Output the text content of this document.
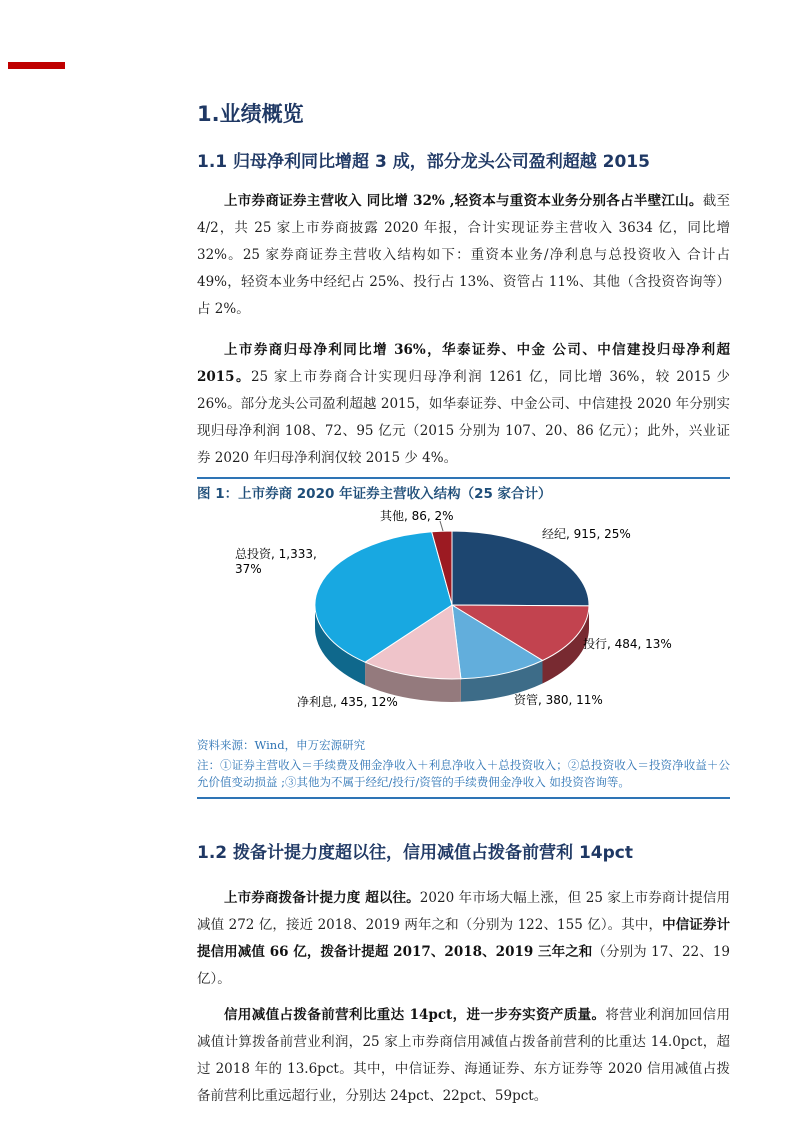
1.业绩概览
1.1 归母净利同比增超 3 成，部分龙头公司盈利超越 2015

上市券商证券主营收入 同比增 32% ,轻资本与重资本业务分别各占半壁江山。截至 4/2，共 25 家上市券商披露 2020 年报，合计实现证券主营收入 3634 亿，同比增 32%。25 家券商证券主营收入结构如下：重资本业务/净利息与总投资收入 合计占 49%，轻资本业务中经纪占 25%、投行占 13%、资管占 11%、其他（含投资咨询等）占 2%。

上市券商归母净利同比增 36%，华泰证券、中金 公司、中信建投归母净利超 2015。25 家上市券商合计实现归母净利润 1261 亿，同比增 36%，较 2015 少 26%。部分龙头公司盈利超越 2015，如华泰证券、中金公司、中信建投 2020 年分别实现归母净利润 108、72、95 亿元（2015 分别为 107、20、86 亿元）；此外，兴业证券 2020 年归母净利润仅较 2015 少 4%。

图 1：上市券商 2020 年证券主营收入结构（25 家合计）
经纪, 915, 25%
投行, 484, 13%
资管, 380, 11%
净利息, 435, 12%
总投资, 1,333, 37%
其他, 86, 2%
资料来源：Wind，申万宏源研究
注：①证券主营收入＝手续费及佣金净收入＋利息净收入＋总投资收入；②总投资收入＝投资净收益＋公允价值变动损益 ;③其他为不属于经纪/投行/资管的手续费佣金净收入 如投资咨询等。
1.2 拨备计提力度超以往，信用减值占拨备前营利 14pct

上市券商拨备计提力度 超以往。2020 年市场大幅上涨，但 25 家上市券商计提信用减值 272 亿，接近 2018、2019 两年之和（分别为 122、155 亿）。其中，中信证券计提信用减值 66 亿，拨备计提超 2017、2018、2019 三年之和（分别为 17、22、19 亿）。

信用减值占拨备前营利比重达 14pct，进一步夯实资产质量。将营业利润加回信用减值计算拨备前营业利润，25 家上市券商信用减值占拨备前营利的比重达 14.0pct，超过 2018 年的 13.6pct。其中，中信证券、海通证券、东方证券等 2020 信用减值占拨备前营利比重远超行业，分别达 24pct、22pct、59pct。
